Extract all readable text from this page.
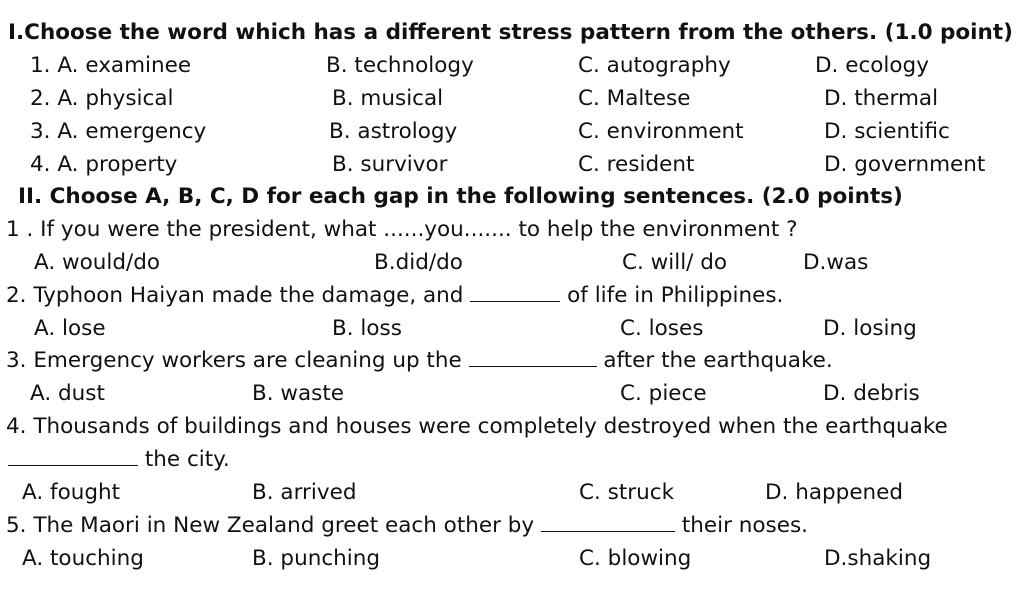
I.Choose the word which has a different stress pattern from the others. (1.0 point)
1. A. examinee	B. technology	C. autography	D. ecology
2. A. physical	B. musical	C. Maltese	D. thermal
3. A. emergency	B. astrology	C. environment	D. scientific
4. A. property	B. survivor	C. resident	D. government
II. Choose A, B, C, D for each gap in the following sentences. (2.0 points)
1 . If you were the president, what ......you....... to help the environment ?
A. would/do	B.did/do	C. will/ do	D.was
2. Typhoon Haiyan made the damage, and	of life in Philippines.
A. lose	B. loss	C. loses	D. losing
3. Emergency workers are cleaning up the	after the earthquake.
A. dust	B. waste	C. piece	D. debris
4. Thousands of buildings and houses were completely destroyed when the earthquake
the city.
A. fought	B. arrived	C. struck	D. happened
5. The Maori in New Zealand greet each other by	their noses.
A. touching	B. punching	C. blowing	D.shaking
